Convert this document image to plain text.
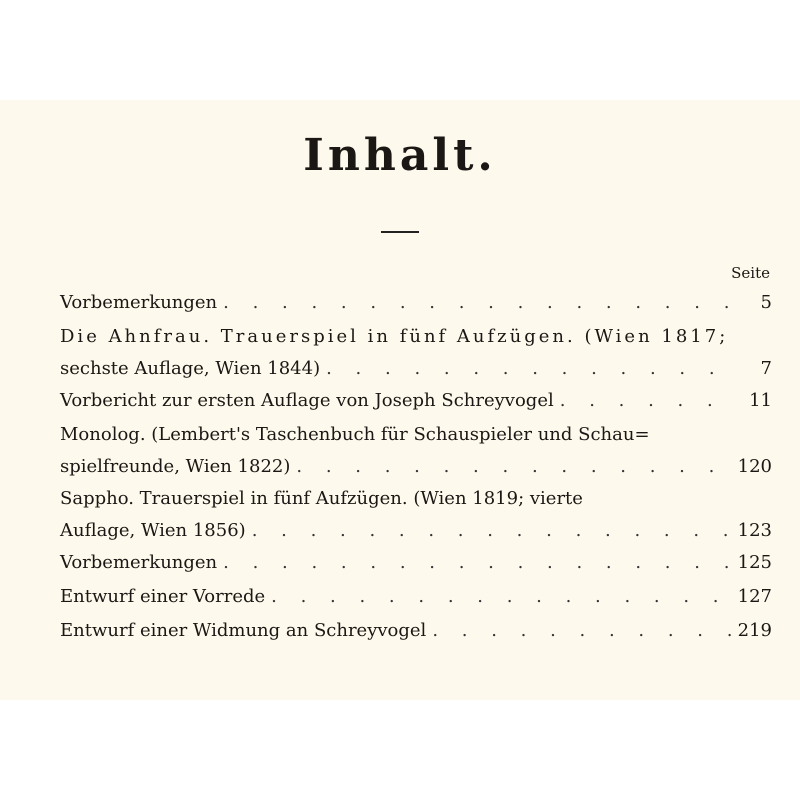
Inhalt.
Seite
Vorbemerkungen . . .	5
Die Ahnfrau. Trauerspiel in fünf Aufzügen. (Wien 1817;
sechste Auflage, Wien 1844) . . .	7
Vorbericht zur ersten Auflage von Joseph Schreyvogel . . .	11
Monolog. (Lembert's Taschenbuch für Schauspieler und Schau=
spielfreunde, Wien 1822) . . .	120
Sappho. Trauerspiel in fünf Aufzügen. (Wien 1819; vierte
Auflage, Wien 1856) . . .	123
Vorbemerkungen . . .	125
Entwurf einer Vorrede . . .	127
Entwurf einer Widmung an Schreyvogel . . .	219
